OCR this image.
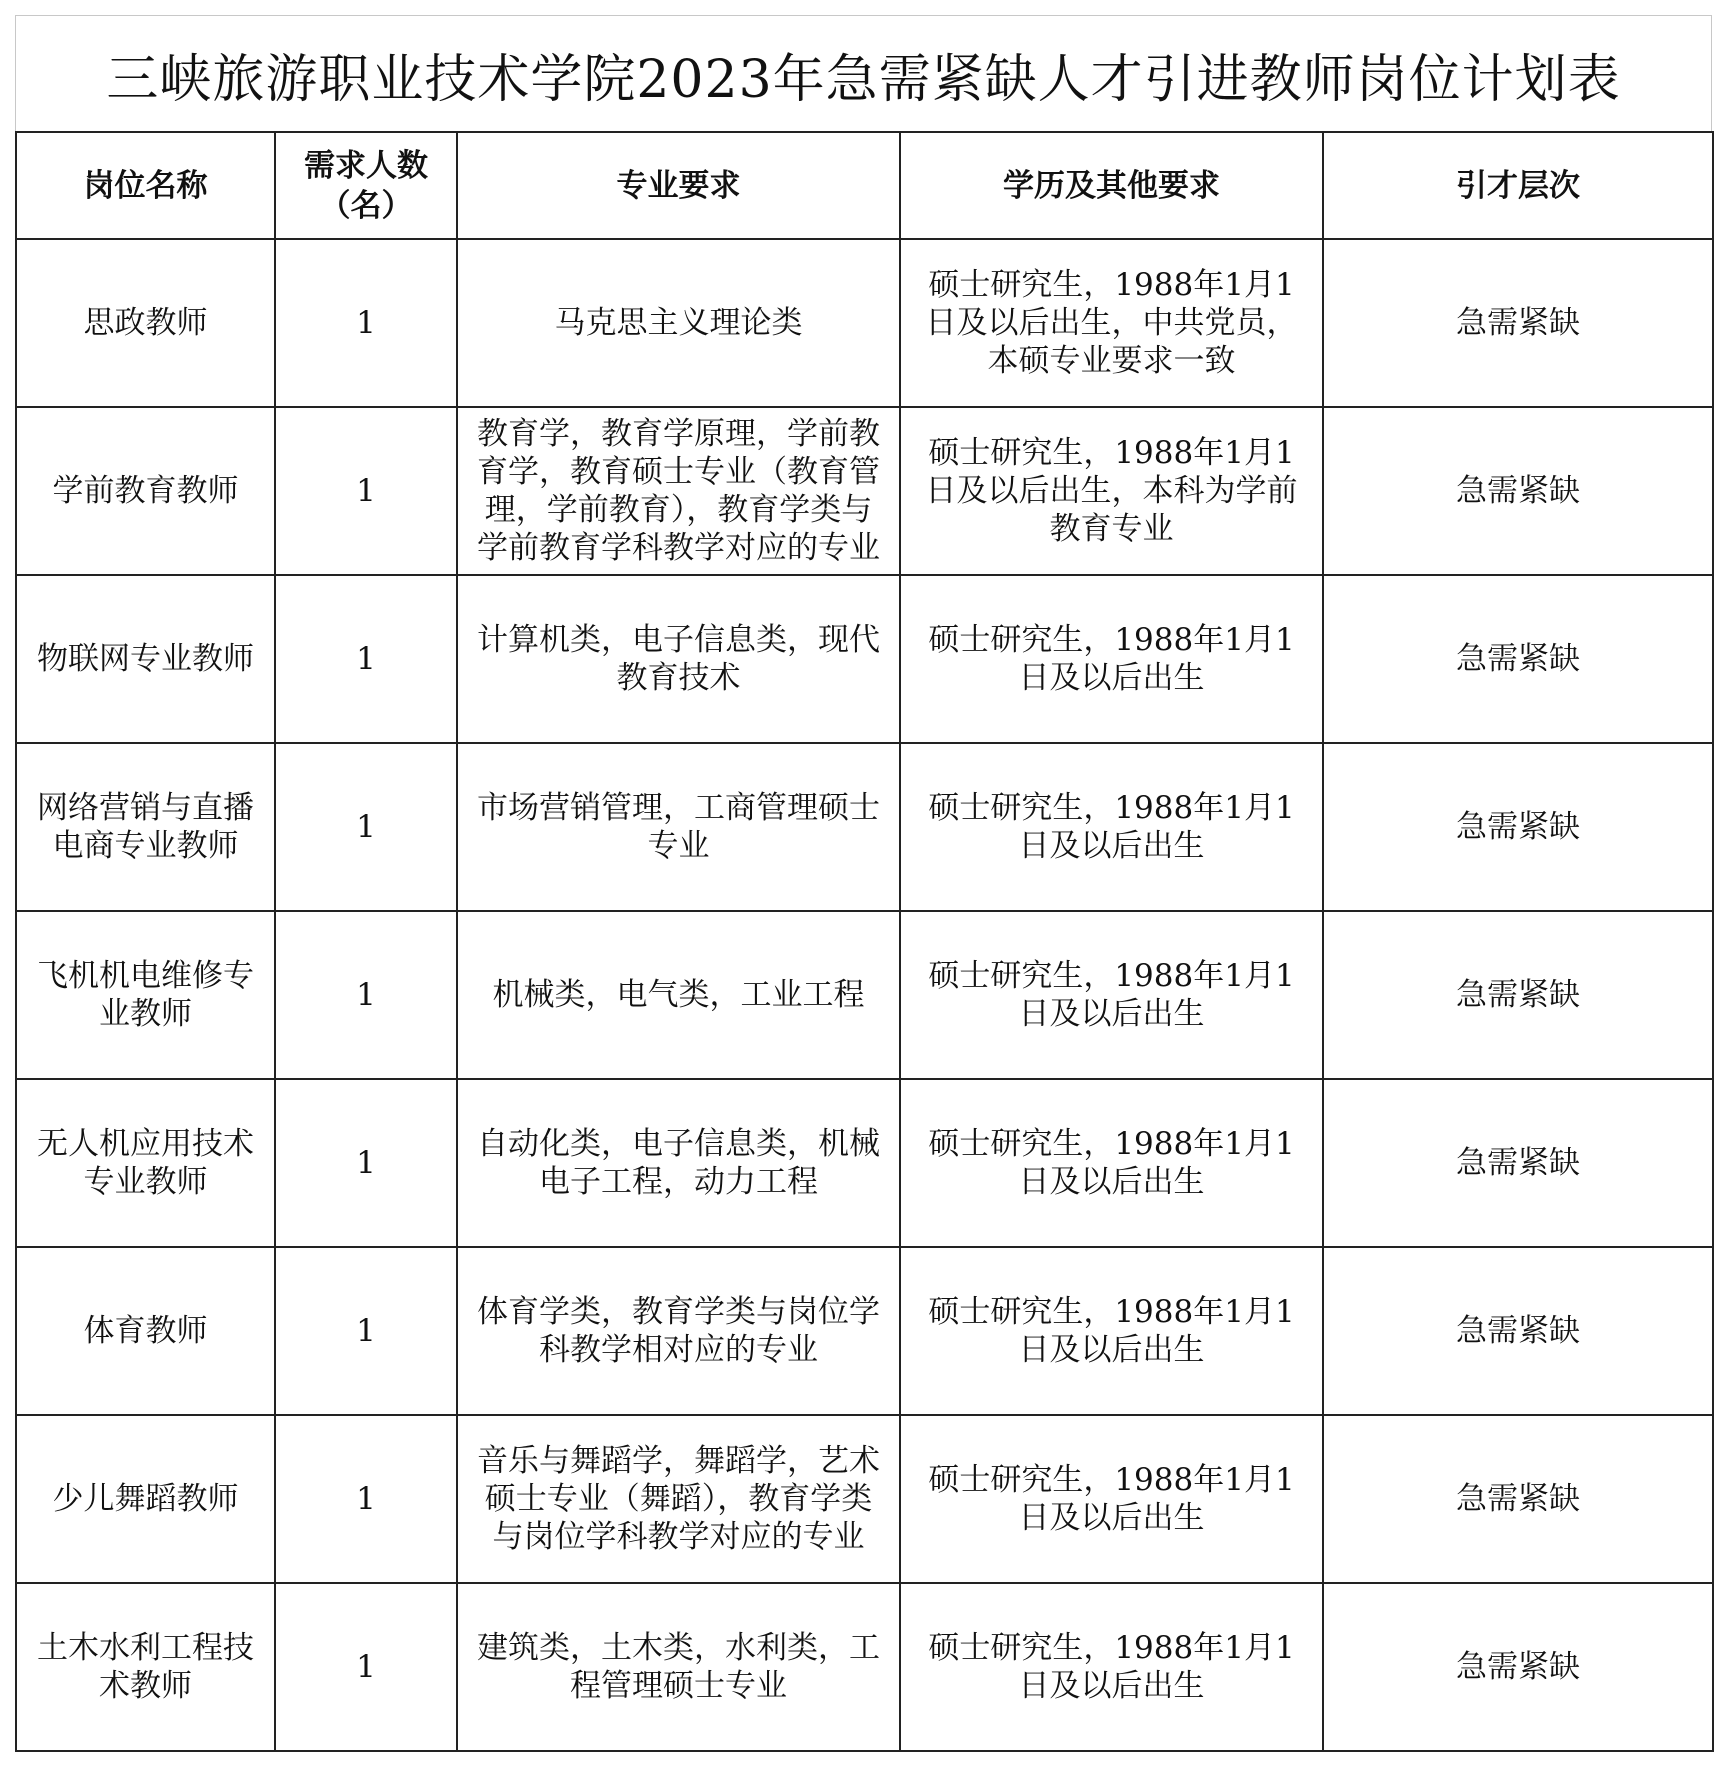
三峡旅游职业技术学院2023年急需紧缺人才引进教师岗位计划表
岗位名称	需求人数（名）	专业要求	学历及其他要求	引才层次
思政教师	1	马克思主义理论类	硕士研究生，1988年1月1日及以后出生，中共党员，本硕专业要求一致	急需紧缺
学前教育教师	1	教育学，教育学原理，学前教育学，教育硕士专业（教育管理，学前教育），教育学类与学前教育学科教学对应的专业	硕士研究生，1988年1月1日及以后出生，本科为学前教育专业	急需紧缺
物联网专业教师	1	计算机类，电子信息类，现代教育技术	硕士研究生，1988年1月1日及以后出生	急需紧缺
网络营销与直播电商专业教师	1	市场营销管理，工商管理硕士专业	硕士研究生，1988年1月1日及以后出生	急需紧缺
飞机机电维修专业教师	1	机械类，电气类，工业工程	硕士研究生，1988年1月1日及以后出生	急需紧缺
无人机应用技术专业教师	1	自动化类，电子信息类，机械电子工程，动力工程	硕士研究生，1988年1月1日及以后出生	急需紧缺
体育教师	1	体育学类，教育学类与岗位学科教学相对应的专业	硕士研究生，1988年1月1日及以后出生	急需紧缺
少儿舞蹈教师	1	音乐与舞蹈学，舞蹈学，艺术硕士专业（舞蹈），教育学类与岗位学科教学对应的专业	硕士研究生，1988年1月1日及以后出生	急需紧缺
土木水利工程技术教师	1	建筑类，土木类，水利类，工程管理硕士专业	硕士研究生，1988年1月1日及以后出生	急需紧缺
